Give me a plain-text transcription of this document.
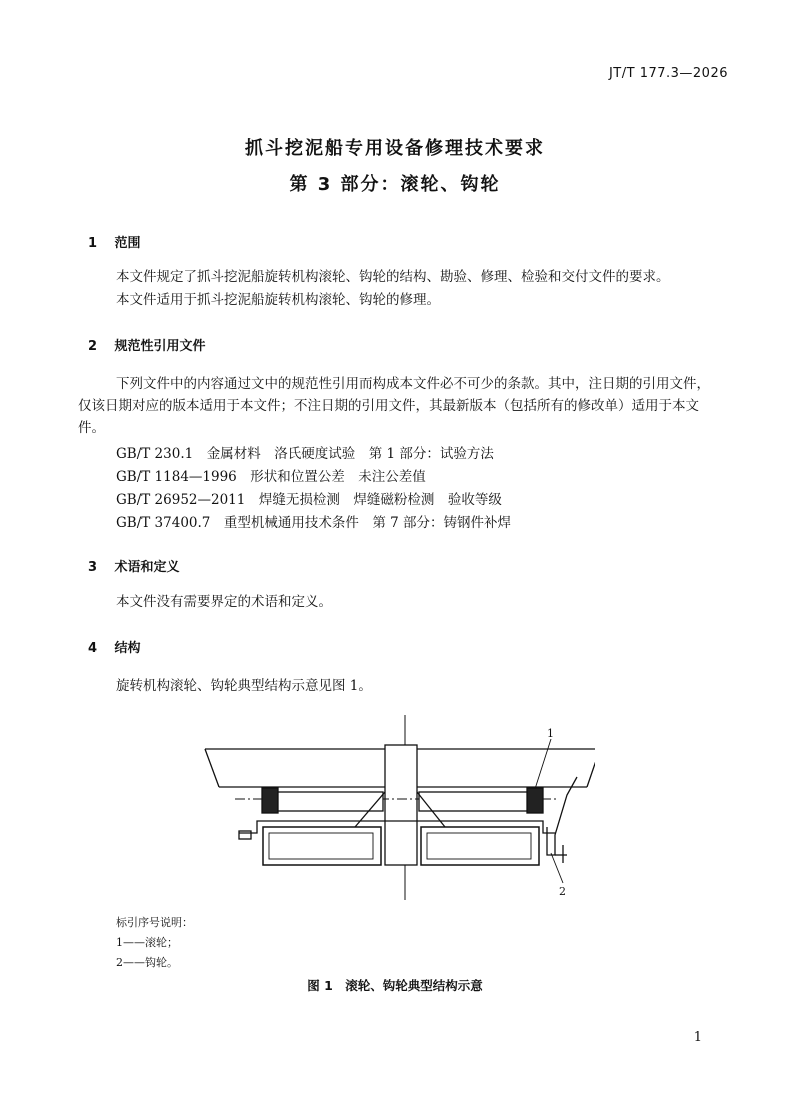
JT/T 177.3—2026
抓斗挖泥船专用设备修理技术要求
第 3 部分：滚轮、钩轮
1 范围

本文件规定了抓斗挖泥船旋转机构滚轮、钩轮的结构、勘验、修理、检验和交付文件的要求。

本文件适用于抓斗挖泥船旋转机构滚轮、钩轮的修理。

2 规范性引用文件

下列文件中的内容通过文中的规范性引用而构成本文件必不可少的条款。其中，注日期的引用文件，仅该日期对应的版本适用于本文件；不注日期的引用文件，其最新版本（包括所有的修改单）适用于本文件。

GB/T 230.1　金属材料　洛氏硬度试验　第 1 部分：试验方法
GB/T 1184—1996　形状和位置公差　未注公差值
GB/T 26952—2011　焊缝无损检测　焊缝磁粉检测　验收等级
GB/T 37400.7　重型机械通用技术条件　第 7 部分：铸钢件补焊
3 术语和定义

本文件没有需要界定的术语和定义。

4 结构

旋转机构滚轮、钩轮典型结构示意见图 1。

1
2
标引序号说明：
1——滚轮；
2——钩轮。
图 1　滚轮、钩轮典型结构示意
1
